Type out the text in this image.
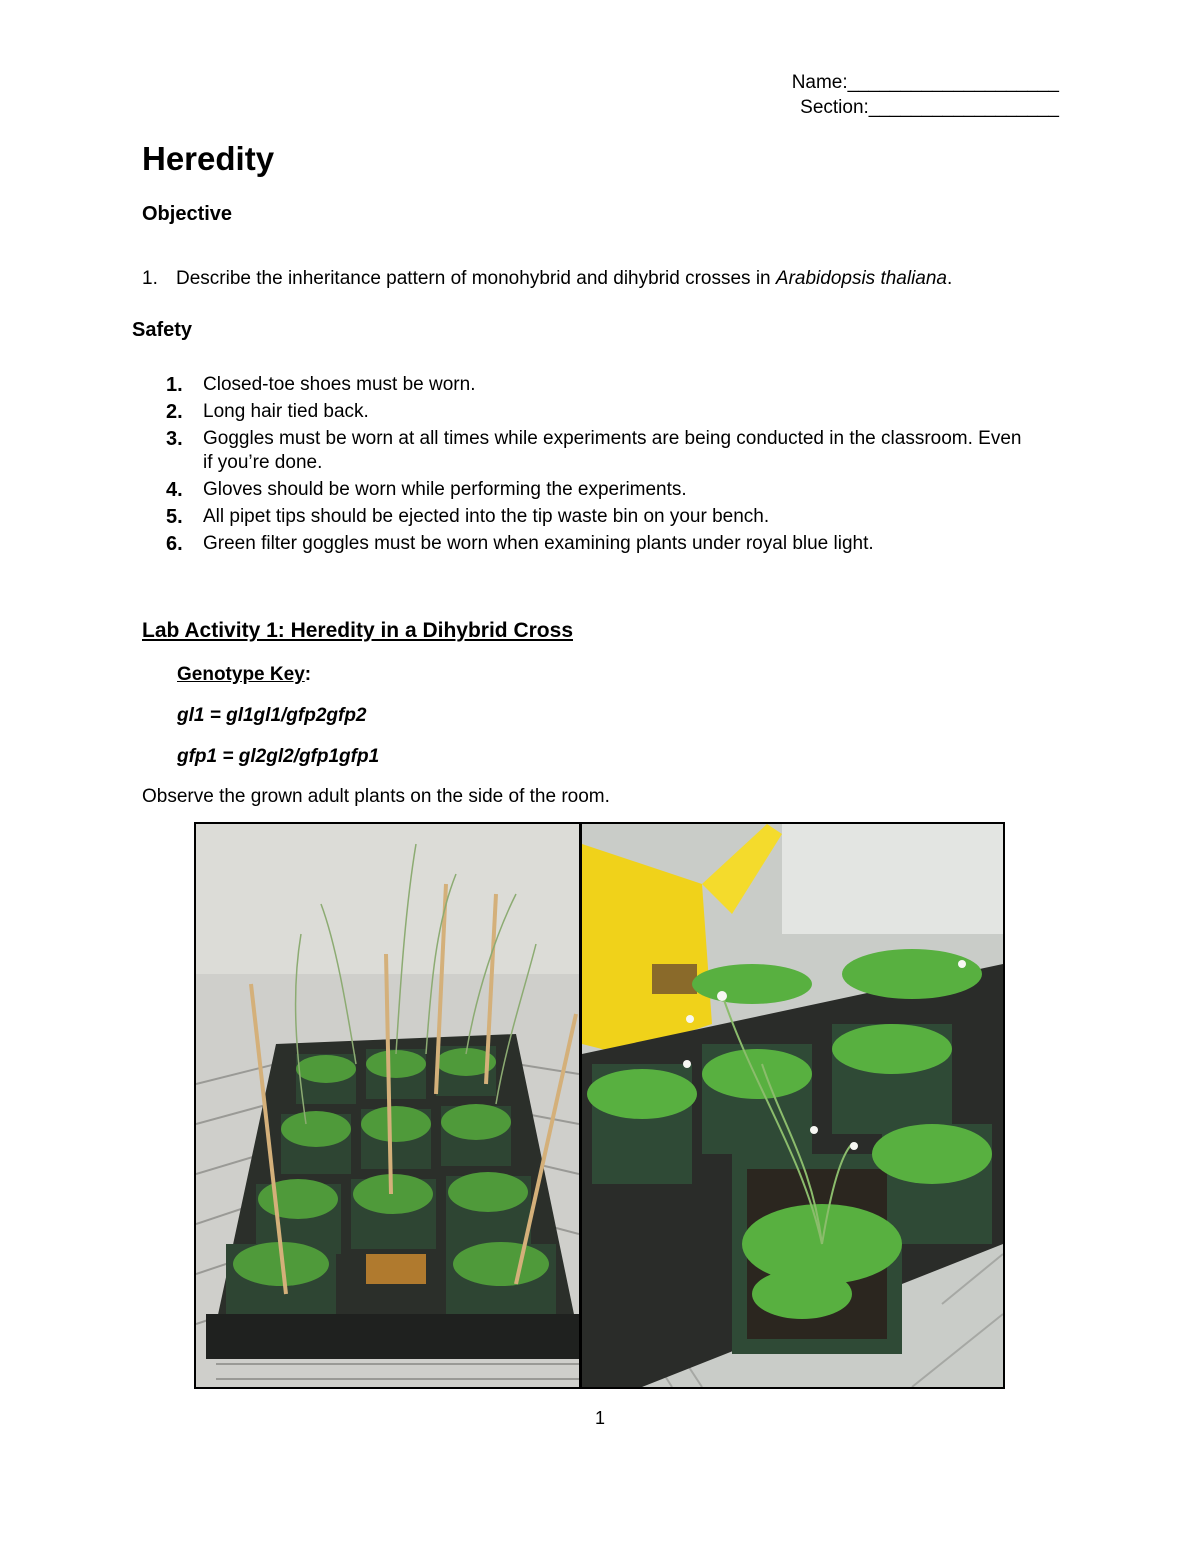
Name:____________________
Section:__________________
Heredity
Objective
1. Describe the inheritance pattern of monohybrid and dihybrid crosses in Arabidopsis thaliana.
Safety
1. Closed-toe shoes must be worn.
2. Long hair tied back.
3. Goggles must be worn at all times while experiments are being conducted in the classroom. Even if you’re done.
4. Gloves should be worn while performing the experiments.
5. All pipet tips should be ejected into the tip waste bin on your bench.
6. Green filter goggles must be worn when examining plants under royal blue light.
Lab Activity 1: Heredity in a Dihybrid Cross
Genotype Key:
gl1 = gl1gl1/gfp2gfp2
gfp1 = gl2gl2/gfp1gfp1
Observe the grown adult plants on the side of the room.
1
